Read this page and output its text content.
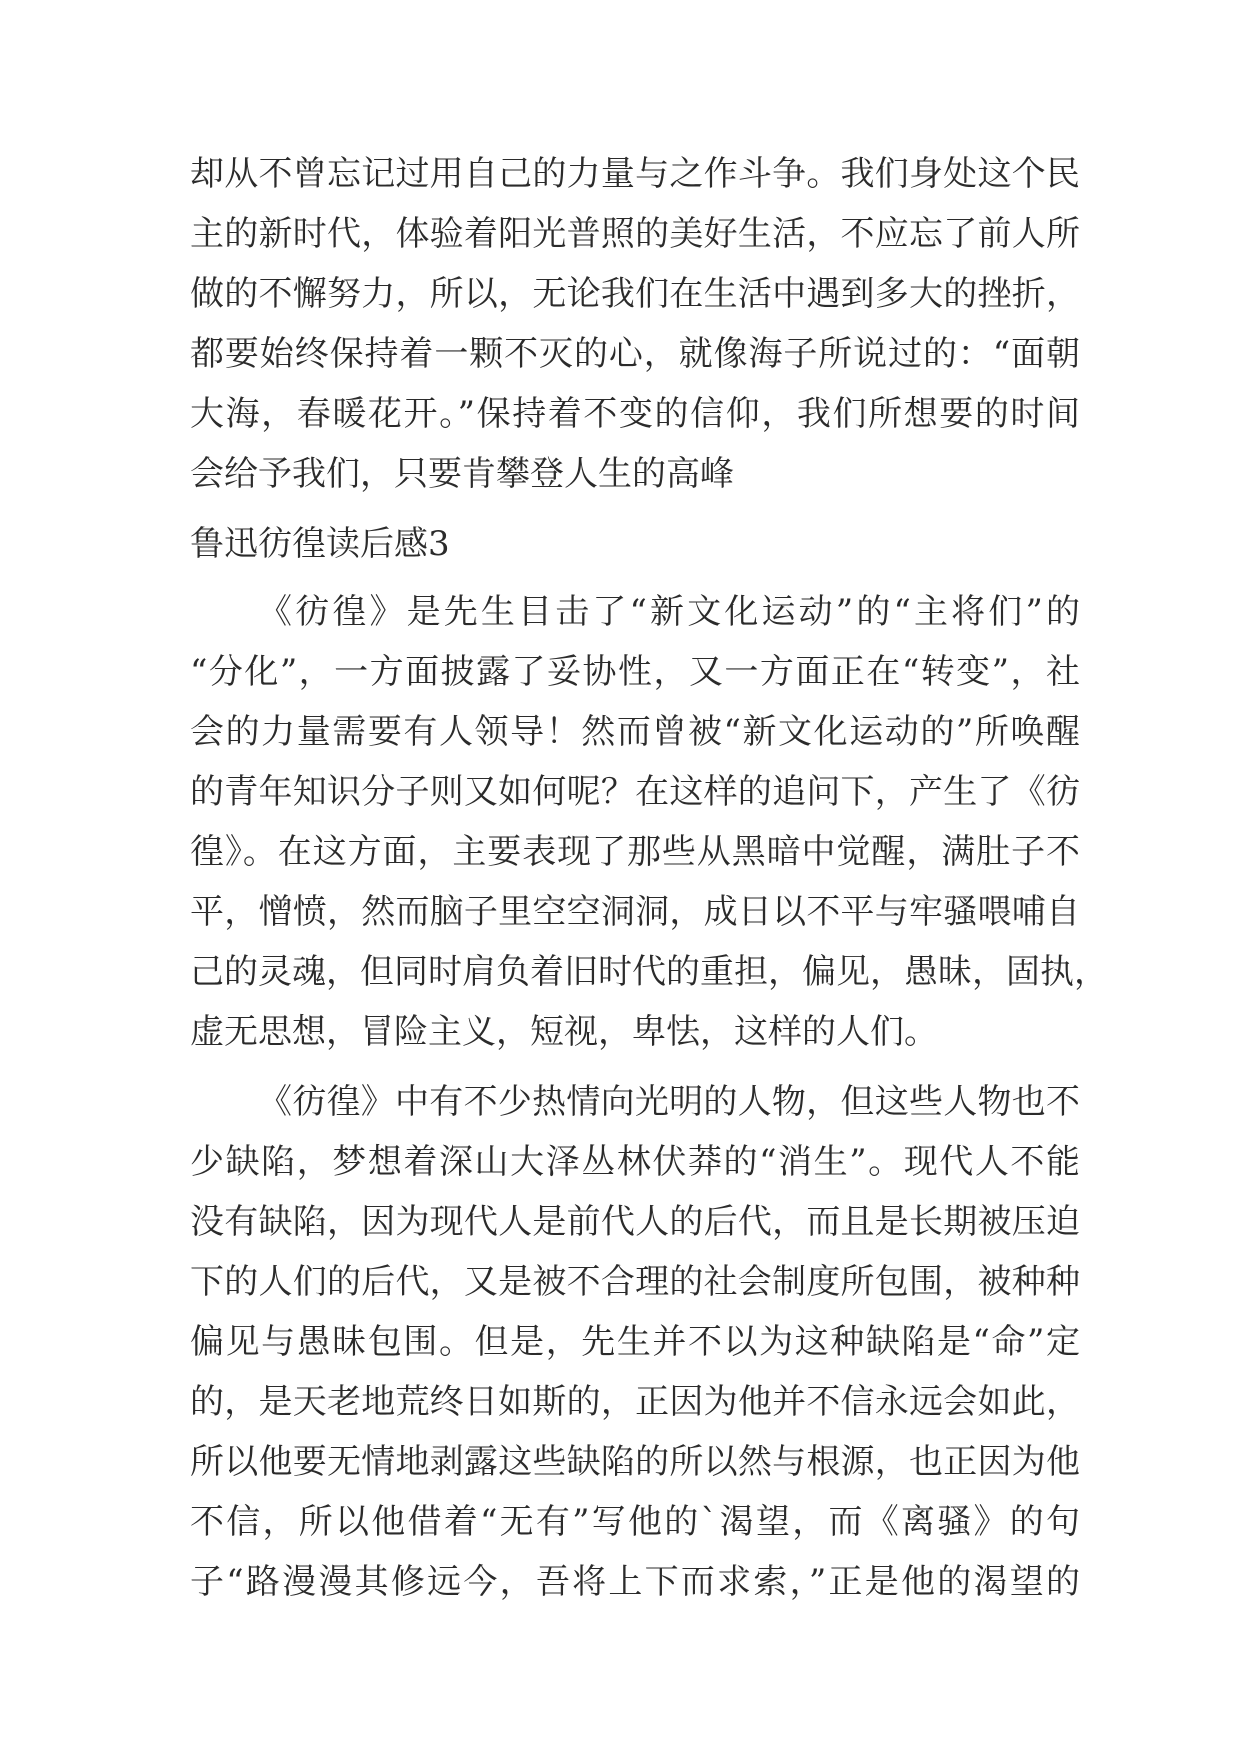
却从不曾忘记过用自己的力量与之作斗争。我们身处这个民
主的新时代，体验着阳光普照的美好生活，不应忘了前人所
做的不懈努力，所以，无论我们在生活中遇到多大的挫折，
都要始终保持着一颗不灭的心，就像海子所说过的：“面朝
大海，春暖花开。”保持着不变的信仰，我们所想要的时间
会给予我们，只要肯攀登人生的高峰
鲁迅彷徨读后感3
《彷徨》是先生目击了“新文化运动”的“主将们”的
“分化”，一方面披露了妥协性，又一方面正在“转变”，社
会的力量需要有人领导！然而曾被“新文化运动的”所唤醒
的青年知识分子则又如何呢？在这样的追问下，产生了《彷
徨》。在这方面，主要表现了那些从黑暗中觉醒，满肚子不
平，憎愤，然而脑子里空空洞洞，成日以不平与牢骚喂哺自
己的灵魂，但同时肩负着旧时代的重担，偏见，愚昧，固执，
虚无思想，冒险主义，短视，卑怯，这样的人们。
《彷徨》中有不少热情向光明的人物，但这些人物也不
少缺陷，梦想着深山大泽丛林伏莽的“消生”。现代人不能
没有缺陷，因为现代人是前代人的后代，而且是长期被压迫
下的人们的后代，又是被不合理的社会制度所包围，被种种
偏见与愚昧包围。但是，先生并不以为这种缺陷是“命”定
的，是天老地荒终日如斯的，正因为他并不信永远会如此，
所以他要无情地剥露这些缺陷的所以然与根源，也正因为他
不信，所以他借着“无有”写他的`渴望，而《离骚》的句
子“路漫漫其修远今，吾将上下而求索，”正是他的渴望的
